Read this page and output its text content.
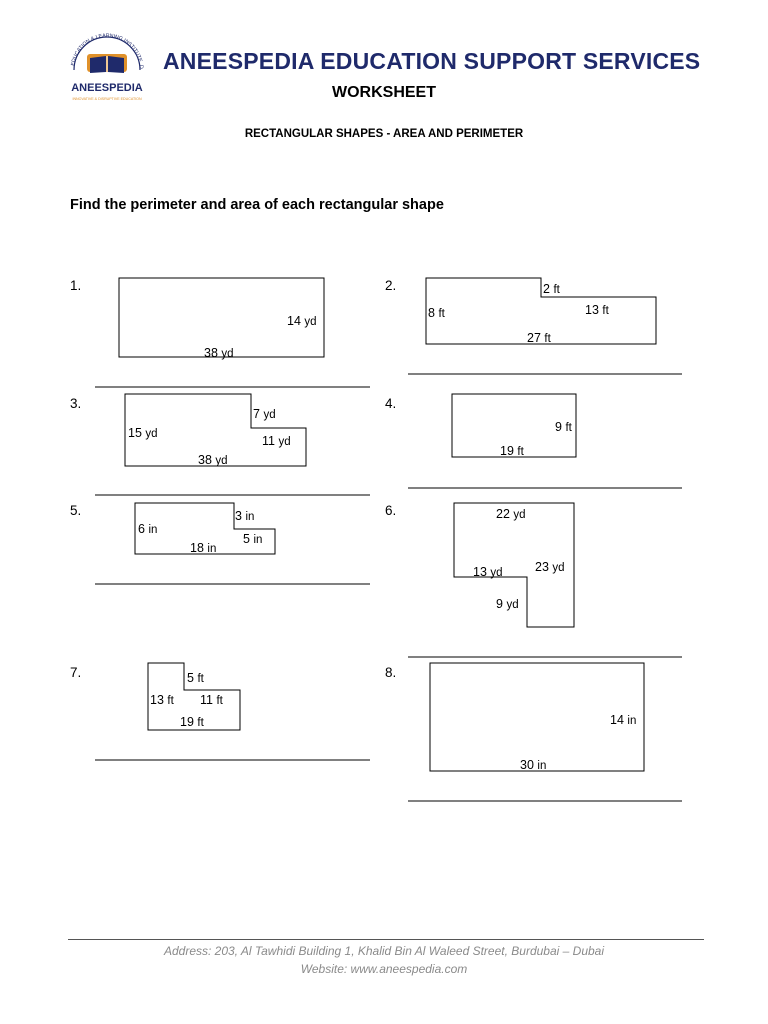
EDUCATION & LEARNING INSTITUTE, D
ANEESPEDIA
INNOVATIVE & DISRUPTIVE EDUCATION
ANEESPEDIA EDUCATION SUPPORT SERVICES
WORKSHEET
RECTANGULAR SHAPES - AREA AND PERIMETER
Find the perimeter and area of each rectangular shape
1.	2.
3.	4.
5.	6.
7.	8.
14 yd
38 yd
2 ft
8 ft	13 ft
27 ft
7 yd
15 yd	11 yd
38 yd
9 ft
19 ft
3 in
6 in
5 in
18 in
22 yd
23 yd
13 yd
9 yd
5 ft
13 ft 11 ft
19 ft	14 in
30 in
Address: 203, Al Tawhidi Building 1, Khalid Bin Al Waleed Street, Burdubai – Dubai
Website: www.aneespedia.com
